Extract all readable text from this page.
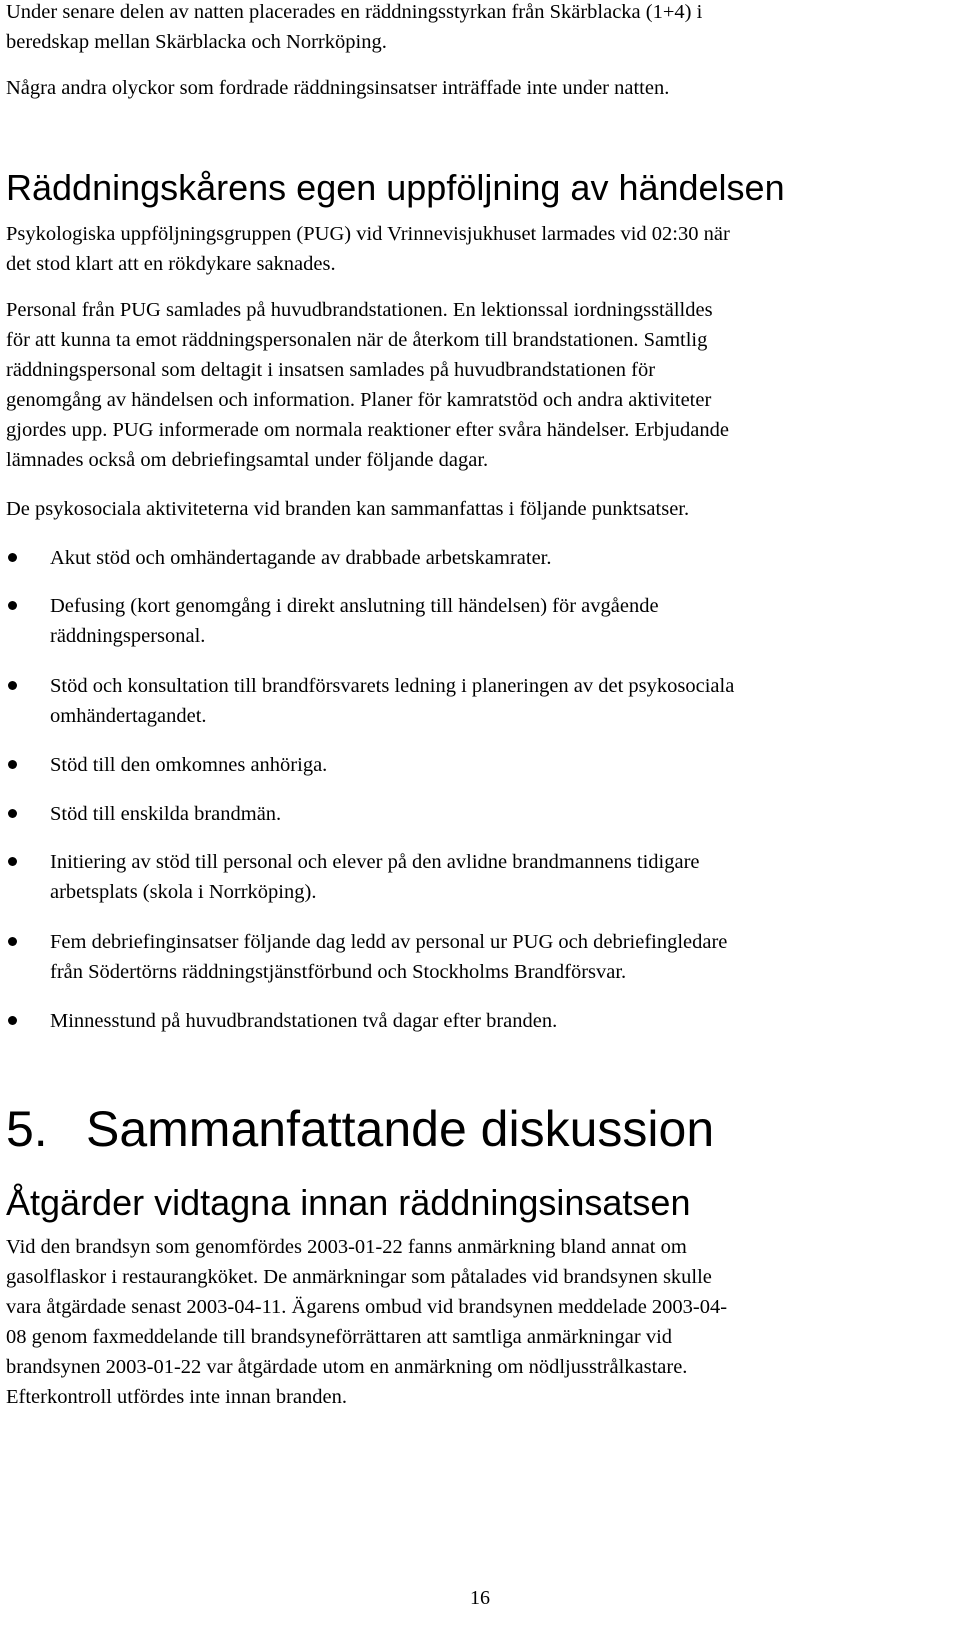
Under senare delen av natten placerades en räddningsstyrkan från Skärblacka (1+4) i
beredskap mellan Skärblacka och Norrköping.

Några andra olyckor som fordrade räddningsinsatser inträffade inte under natten.

Räddningskårens egen uppföljning av händelsen

Psykologiska uppföljningsgruppen (PUG) vid Vrinnevisjukhuset larmades vid 02:30 när
det stod klart att en rökdykare saknades.

Personal från PUG samlades på huvudbrandstationen. En lektionssal iordningsställdes
för att kunna ta emot räddningspersonalen när de återkom till brandstationen. Samtlig
räddningspersonal som deltagit i insatsen samlades på huvudbrandstationen för
genomgång av händelsen och information. Planer för kamratstöd och andra aktiviteter
gjordes upp. PUG informerade om normala reaktioner efter svåra händelser. Erbjudande
lämnades också om debriefingsamtal under följande dagar.

De psykosociala aktiviteterna vid branden kan sammanfattas i följande punktsatser.

Akut stöd och omhändertagande av drabbade arbetskamrater.
Defusing (kort genomgång i direkt anslutning till händelsen) för avgående
räddningspersonal.
Stöd och konsultation till brandförsvarets ledning i planeringen av det psykosociala
omhändertagandet.
Stöd till den omkomnes anhöriga.
Stöd till enskilda brandmän.
Initiering av stöd till personal och elever på den avlidne brandmannens tidigare
arbetsplats (skola i Norrköping).
Fem debriefinginsatser följande dag ledd av personal ur PUG och debriefingledare
från Södertörns räddningstjänstförbund och Stockholms Brandförsvar.
Minnesstund på huvudbrandstationen två dagar efter branden.
5. Sammanfattande diskussion
Åtgärder vidtagna innan räddningsinsatsen

Vid den brandsyn som genomfördes 2003-01-22 fanns anmärkning bland annat om
gasolflaskor i restaurangköket. De anmärkningar som påtalades vid brandsynen skulle
vara åtgärdade senast 2003-04-11. Ägarens ombud vid brandsynen meddelade 2003-04-
08 genom faxmeddelande till brandsyneförrättaren att samtliga anmärkningar vid
brandsynen 2003-01-22 var åtgärdade utom en anmärkning om nödljusstrålkastare.
Efterkontroll utfördes inte innan branden.

16
